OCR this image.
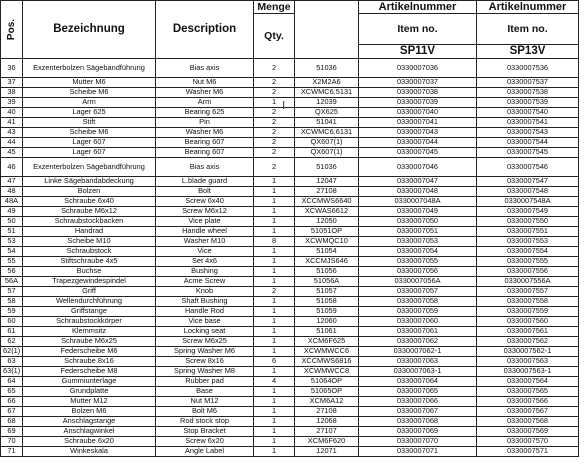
Pos.	Bezeichnung	Description	Menge		Artikelnummer	Artikelnummer
			Qty.		Item no.	Item no.
					SP11V	SP13V
36	Exzenterbolzen Sägebandführung	Bias axis	2	51036	0330007036	0330007536
37	Mutter M6	Nut M6	2	X2M2A6	0330007037	0330007537
38	Scheibe M6	Washer M6	2	XCWMC6.5131	0330007038	0330007538
39	Arm	Arm	1	12039	0330007039	0330007539
40	Lager 625	Bearing 625	2	QX625	0330007040	0330007540
41	Stift	Pin	2	51041	0330007041	0330007541
43	Scheibe M6	Washer M6	2	XCWMC6.6131	0330007043	0330007543
44	Lager 607	Bearing 607	2	QX607(1)	0330007044	0330007544
45	Lager 607	Bearing 607	2	QX607(1)	0330007045	0330007545
46	Exzenterbolzen Sägebandführung	Bias axis	2	51036	0330007046	0330007546
47	Linke Sägebandabdeckung	L.blade guard	1	12047	0330007047	0330007547
48	Bolzen	Bolt	1	27108	0330007048	0330007548
48A	Schraube 6x40	Screw 6x40	1	XCCMWS6640	0330007048A	0330007548A
49	Schraube M6x12	Screw M6x12	1	XCWAS6612	0330007049	0330007549
50	Schraubstockbacken	Vice plate	1	12050	0330007050	0330007550
51	Handrad	Handle wheel	1	51051OP	0330007051	0330007551
53	Scheibe M10	Washer M10	8	XCWMQC10	0330007053	0330007553
54	Schraubstock	Vice	1	51054	0330007054	0330007554
55	Stiftschraube 4x5	Set 4x6	1	XCCMJS646	0330007055	0330007555
56	Buchse	Bushing	1	51056	0330007056	0330007556
56A	Trapezgewindespindel	Acme Screw	1	51056A	0330007056A	0330007556A
57	Griff	Knob	2	51057	0330007057	0330007557
58	Wellendurchführung	Shaft Bushing	1	51058	0330007058	0330007558
59	Griffstange	Handle Rod	1	51059	0330007059	0330007559
60	Schraubstockkörper	Vice base	1	12060	0330007060	0330007560
61	Klemmsitz	Locking seat	1	51061	0330007061	0330007561
62	Schraube M6x25	Screw M6x25	1	XCM6F625	0330007062	0330007562
62(1)	Federscheibe M6	Spring Washer M6	1	XCWMWCC6	0330007062-1	0330007562-1
63	Schraube 8x16	Screw 8x16	6	XCCMWS6816	0330007063	0330007563
63(1)	Federscheibe M8	Spring Washer M8	1	XCWMWCC8	0330007063-1	0330007563-1
64	Gummiunterlage	Rubber pad	4	51064OP	0330007064	0330007564
65	Grundplatte	Base	1	51065OP	0330007065	0330007565
66	Mutter M12	Nut M12	1	XCM6A12	0330007066	0330007566
67	Bolzen M6	Bolt M6	1	27108	0330007067	0330007567
68	Anschlagstange	Rod stock stop	1	12068	0330007068	0330007568
69	Anschlagwinkel	Stop Bracket	1	27107	0330007069	0330007569
70	Schraube 6x20	Screw 6x20	1	XCM6F620	0330007070	0330007570
71	Winkeskala	Angle Label	1	12071	0330007071	0330007571
I
